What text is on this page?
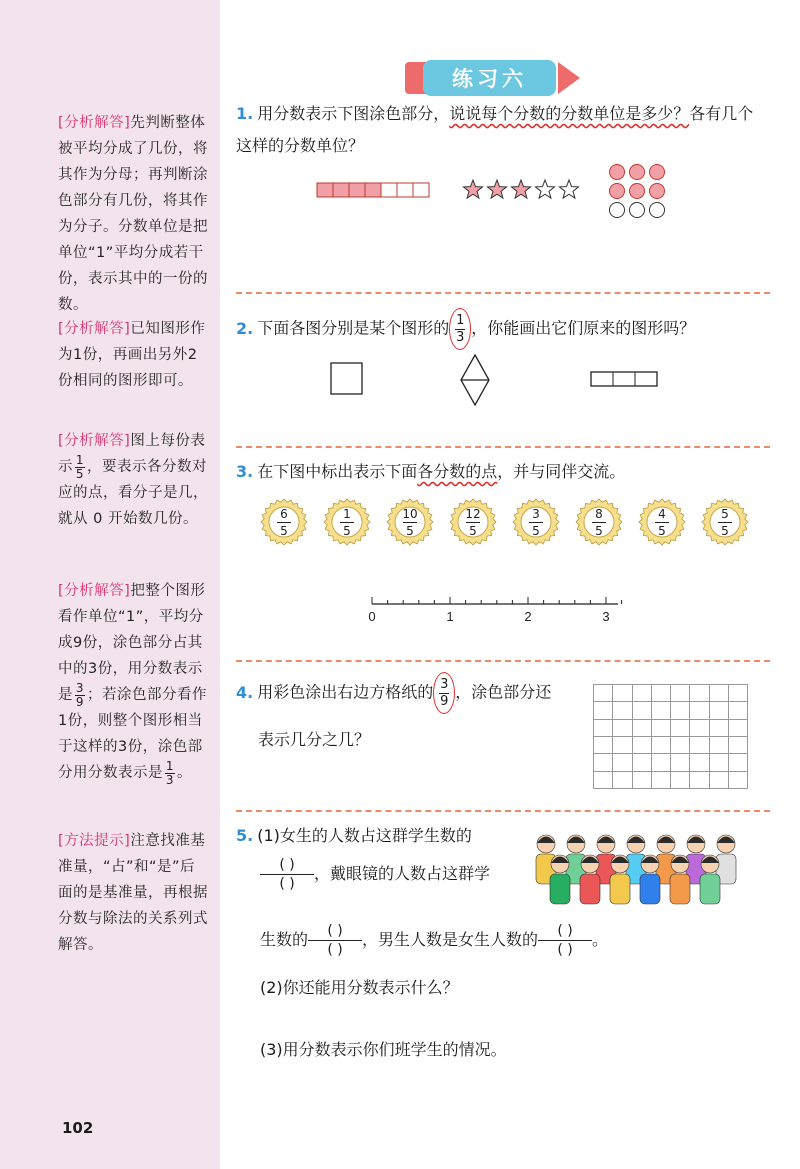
[分析解答]先判断整体被平均分成了几份，将其作为分母；再判断涂色部分有几份，将其作为分子。分数单位是把单位“1”平均分成若干份，表示其中的一份的数。
[分析解答]已知图形作为1份，再画出另外2份相同的图形即可。
[分析解答]图上每份表示 $\frac{1}{5}$ ，要表示各分数对应的点，看分子是几，就从 0 开始数几份。
[分析解答]把整个图形看作单位“1”，平均分成9份，涂色部分占其中的3份，用分数表示是 $\frac{3}{9}$ ；若涂色部分看作1份，则整个图形相当于这样的3份，涂色部分用分数表示是 $\frac{1}{3}$ 。
[方法提示]注意找准基准量，“占”和“是”后面的是基准量，再根据分数与除法的关系列式解答。
102
练习六
1. 用分数表示下图涂色部分，说说每个分数的分数单位是多少？各有几个这样的分数单位？
2. 下面各图分别是某个图形的 $\frac{1}{3}$ ，你能画出它们原来的图形吗？
3. 在下图中标出表示下面各分数的点，并与同伴交流。
6
5
1
5
10
5
12
5
3
5
8
5
4
5
5
5
0	1	2	3
4. 用彩色涂出右边方格纸的 $\frac{3}{9}$ ，涂色部分还
表示几分之几？
5. (1)女生的人数占这群学生数的
$\frac{( )}{( )}$ ，戴眼镜的人数占这群学
生数的 $\frac{( )}{( )}$ ，男生人数是女生人数的 $\frac{( )}{( )}$ 。
(2)你还能用分数表示什么？
(3)用分数表示你们班学生的情况。
